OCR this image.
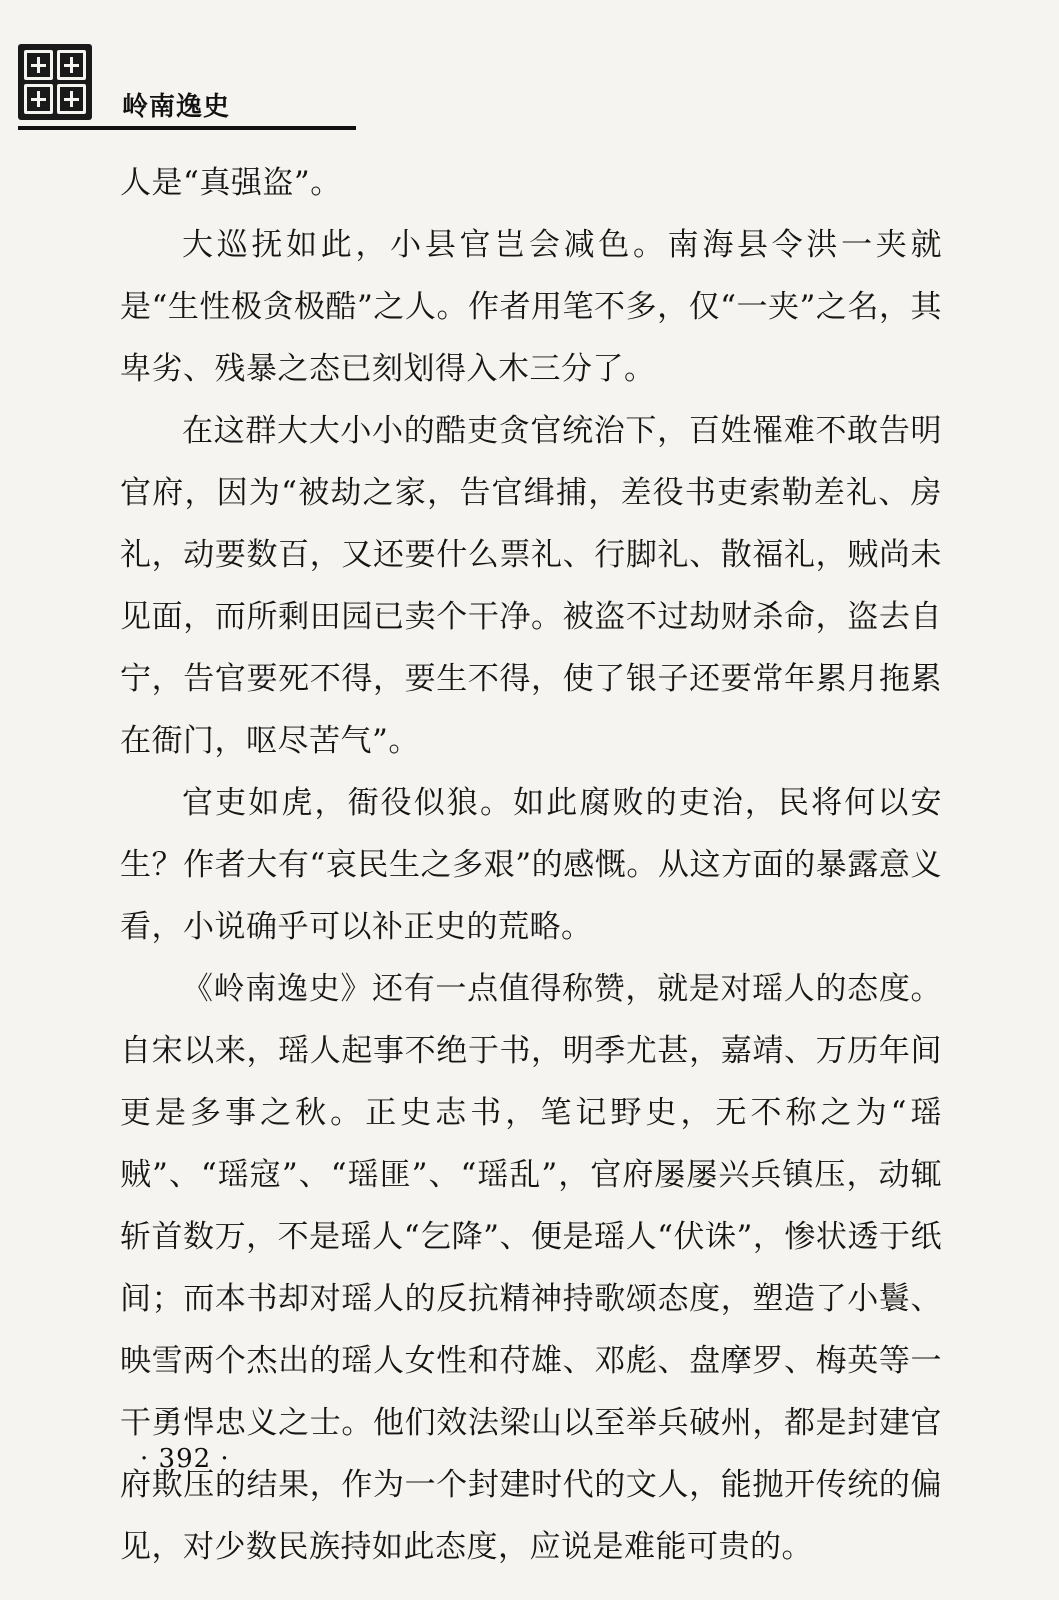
岭南逸史

人是“真强盗”。

大巡抚如此，小县官岂会减色。南海县令洪一夹就是“生性极贪极酷”之人。作者用笔不多，仅“一夹”之名，其卑劣、残暴之态已刻划得入木三分了。

在这群大大小小的酷吏贪官统治下，百姓罹难不敢告明官府，因为“被劫之家，告官缉捕，差役书吏索勒差礼、房礼，动要数百，又还要什么票礼、行脚礼、散福礼，贼尚未见面，而所剩田园已卖个干净。被盗不过劫财杀命，盗去自宁，告官要死不得，要生不得，使了银子还要常年累月拖累在衙门，呕尽苦气”。

官吏如虎，衙役似狼。如此腐败的吏治，民将何以安生？作者大有“哀民生之多艰”的感慨。从这方面的暴露意义看，小说确乎可以补正史的荒略。

《岭南逸史》还有一点值得称赞，就是对瑶人的态度。自宋以来，瑶人起事不绝于书，明季尤甚，嘉靖、万历年间更是多事之秋。正史志书，笔记野史，无不称之为“瑶贼”、“瑶寇”、“瑶匪”、“瑶乱”，官府屡屡兴兵镇压，动辄斩首数万，不是瑶人“乞降”、便是瑶人“伏诛”，惨状透于纸间；而本书却对瑶人的反抗精神持歌颂态度，塑造了小鬟、映雪两个杰出的瑶人女性和苻雄、邓彪、盘摩罗、梅英等一干勇悍忠义之士。他们效法梁山以至举兵破州，都是封建官府欺压的结果，作为一个封建时代的文人，能抛开传统的偏见，对少数民族持如此态度，应说是难能可贵的。

· 392 ·
